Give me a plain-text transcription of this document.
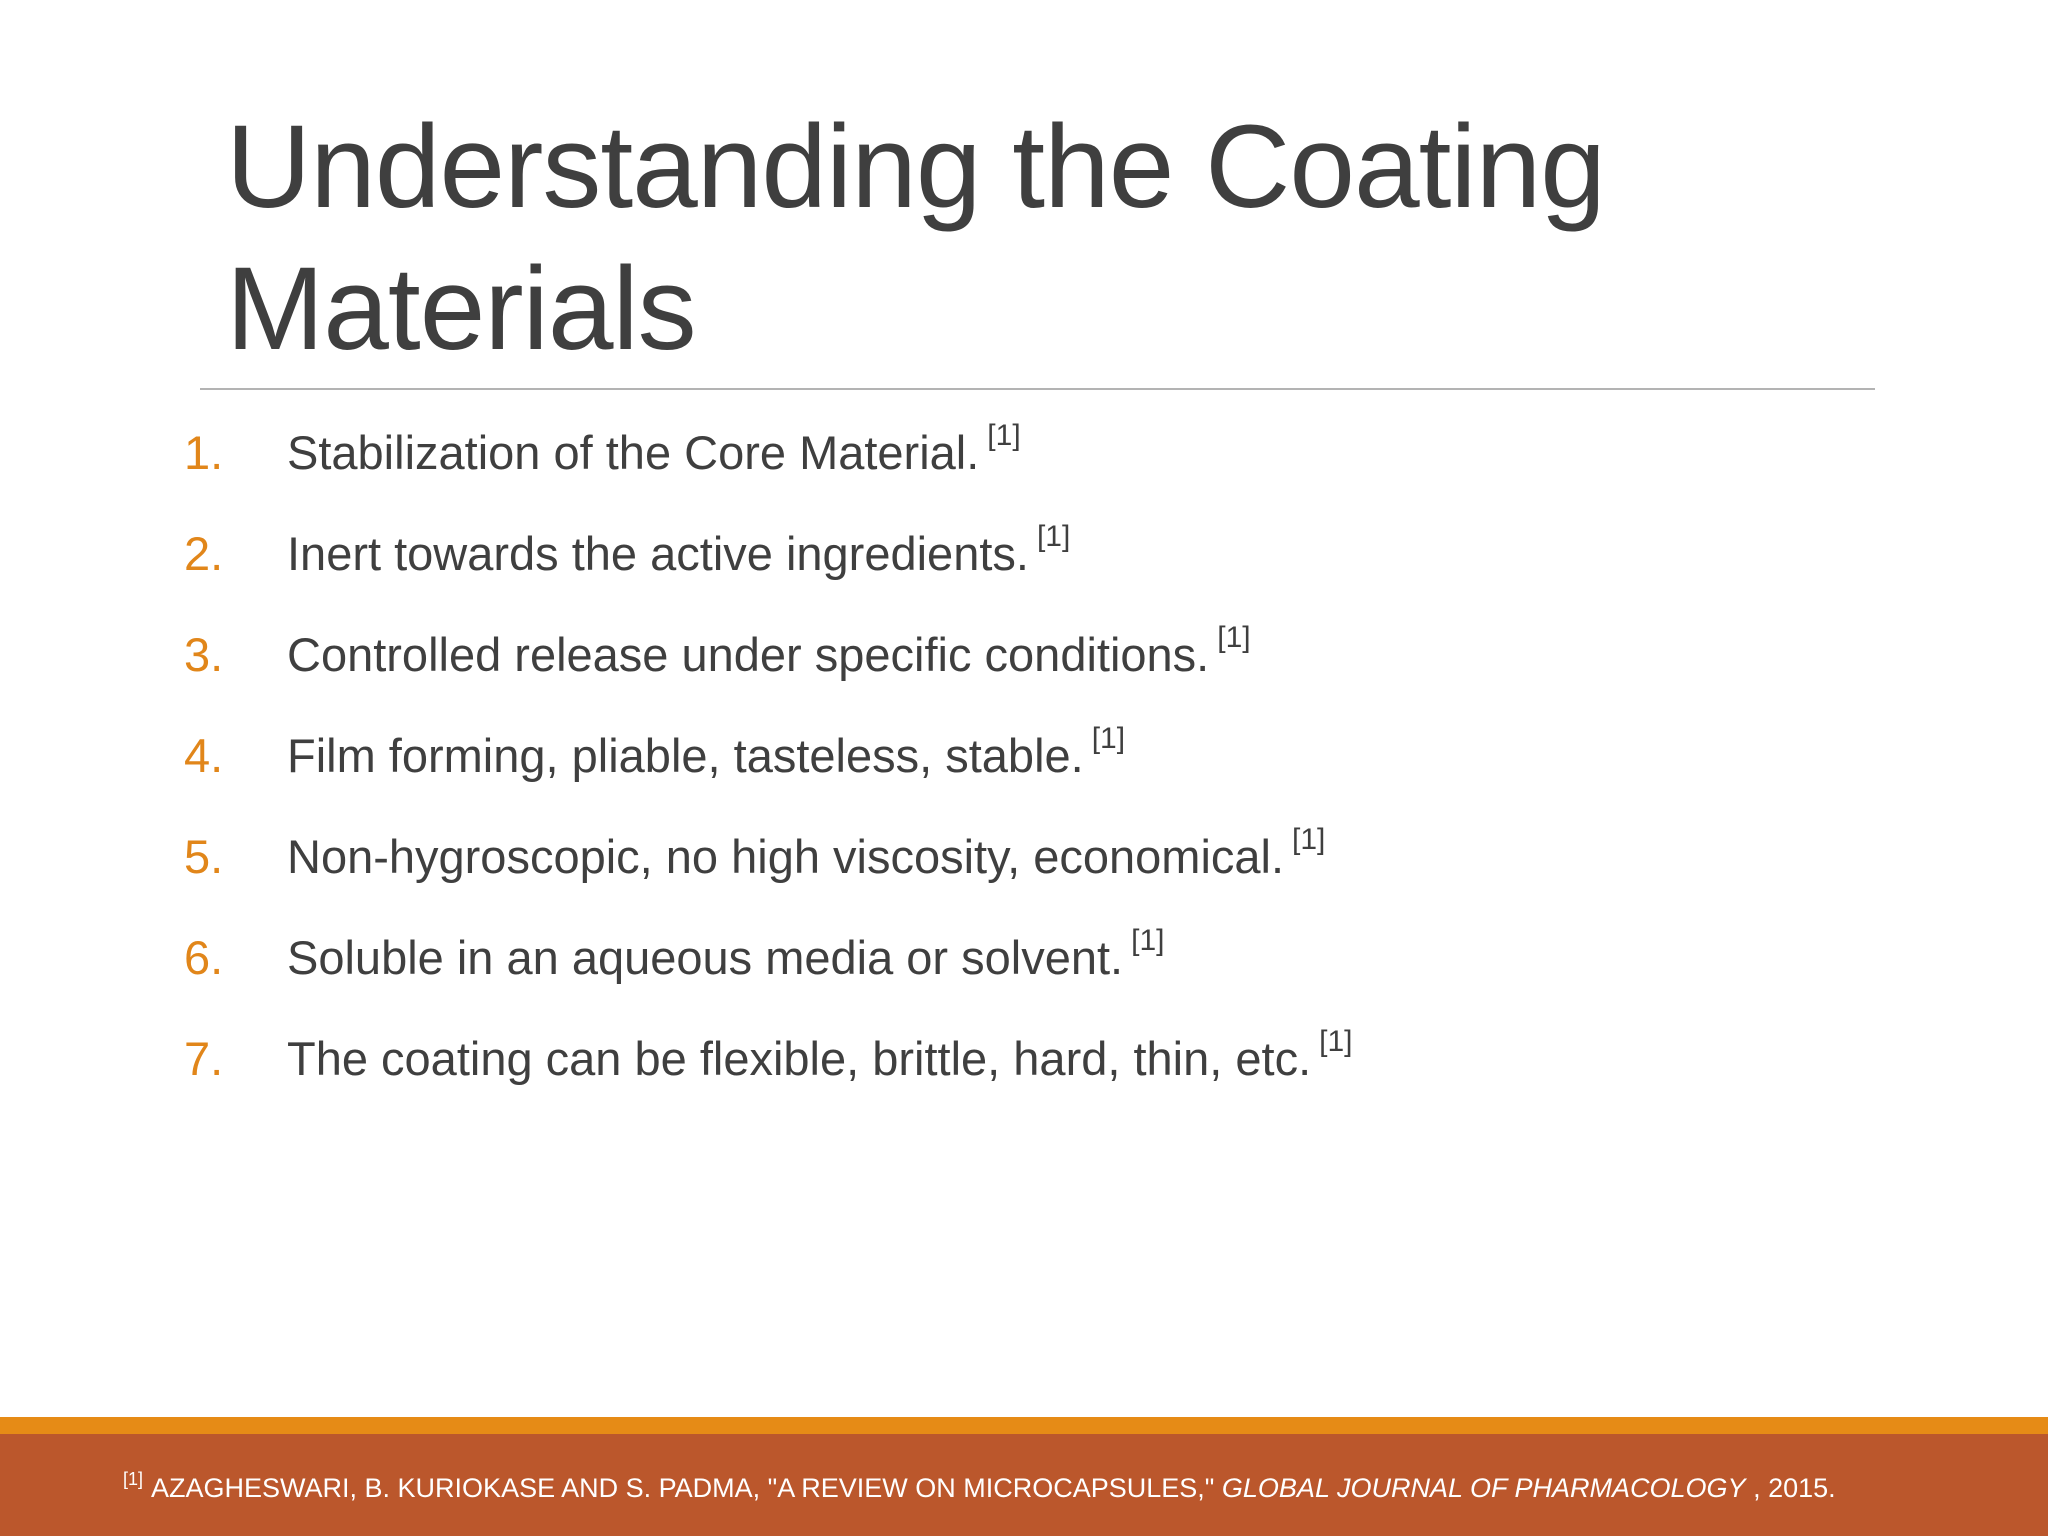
Understanding the Coating Materials
1. Stabilization of the Core Material. [1]
2. Inert towards the active ingredients. [1]
3. Controlled release under specific conditions. [1]
4. Film forming, pliable, tasteless, stable. [1]
5. Non-hygroscopic, no high viscosity, economical. [1]
6. Soluble in an aqueous media or solvent. [1]
7. The coating can be flexible, brittle, hard, thin, etc. [1]
[1] AZAGHESWARI, B. KURIOKASE AND S. PADMA, "A REVIEW ON MICROCAPSULES," GLOBAL JOURNAL OF PHARMACOLOGY , 2015.
